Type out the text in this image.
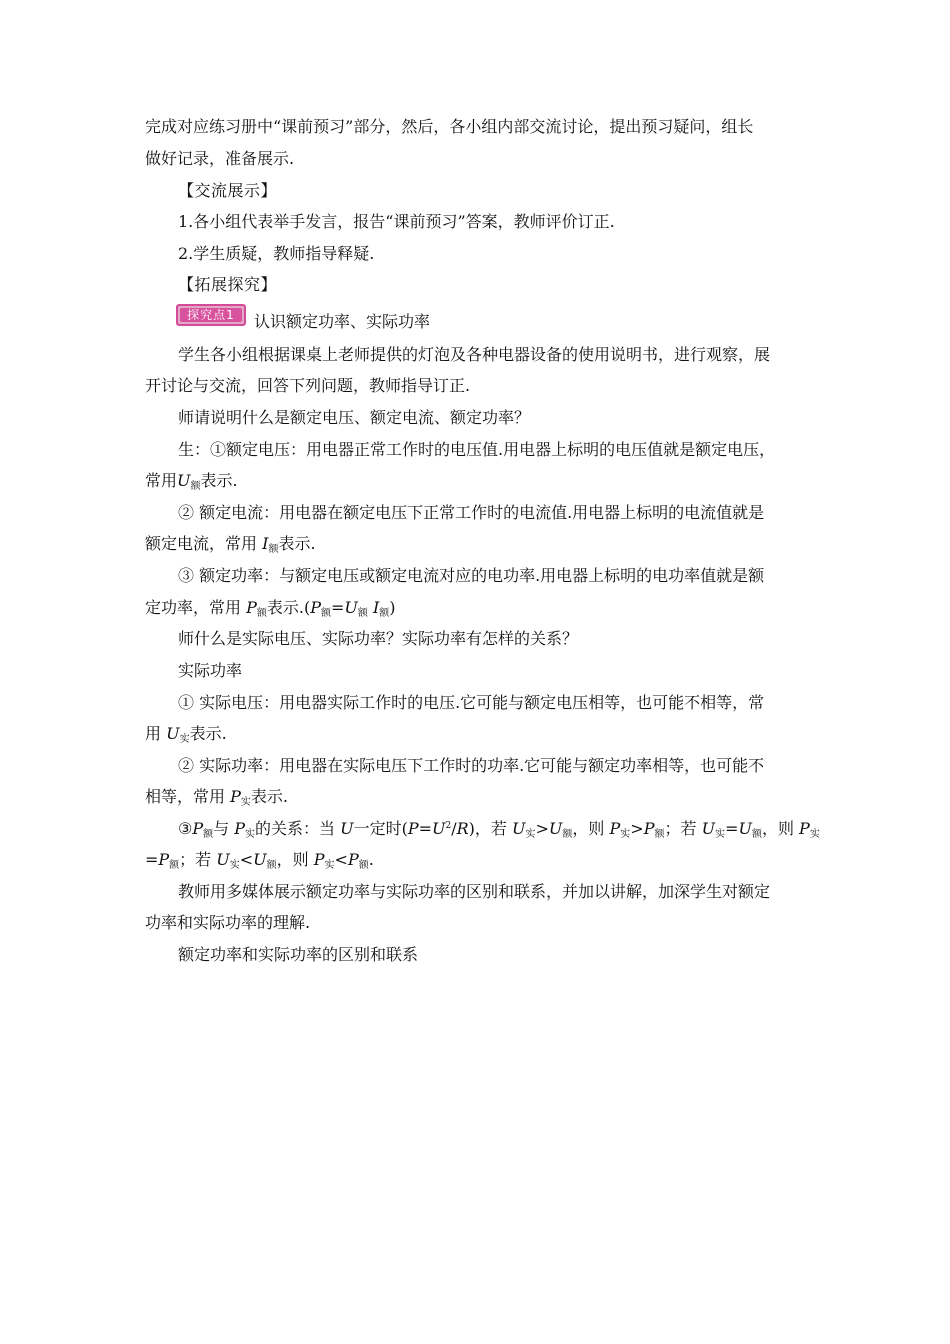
完成对应练习册中“课前预习”部分，然后，各小组内部交流讨论，提出预习疑问，组长
做好记录，准备展示.
【交流展示】
1.各小组代表举手发言，报告“课前预习”答案，教师评价订正.
2.学生质疑，教师指导释疑.
【拓展探究】
探究点1	认识额定功率、实际功率
学生各小组根据课桌上老师提供的灯泡及各种电器设备的使用说明书，进行观察，展
开讨论与交流，回答下列问题，教师指导订正.
师请说明什么是额定电压、额定电流、额定功率？
生：①额定电压：用电器正常工作时的电压值.用电器上标明的电压值就是额定电压，
常用$U_额$表示.
② 额定电流：用电器在额定电压下正常工作时的电流值.用电器上标明的电流值就是
额定电流，常用 $I_额$表示.
③ 额定功率：与额定电压或额定电流对应的电功率.用电器上标明的电功率值就是额
定功率，常用 $P_额$表示$.(P_额=U_额$ $I_额$)
师什么是实际电压、实际功率？实际功率有怎样的关系？
实际功率
① 实际电压：用电器实际工作时的电压.它可能与额定电压相等，也可能不相等，常
用 $U_实$表示.
② 实际功率：用电器在实际电压下工作时的功率.它可能与额定功率相等，也可能不
相等，常用 $P_实$表示.
$③P_额$与 $P_实$的关系：当 U一定时$(P=U^2/R)$，若 $U_实>U_额$，则 $P_实>P_额$；若 $U_实=U_额$，则 $P_实$
$=P_额$；若 $U_实<U_额$，则 $P_实<P_额$.
教师用多媒体展示额定功率与实际功率的区别和联系，并加以讲解，加深学生对额定
功率和实际功率的理解.
额定功率和实际功率的区别和联系
